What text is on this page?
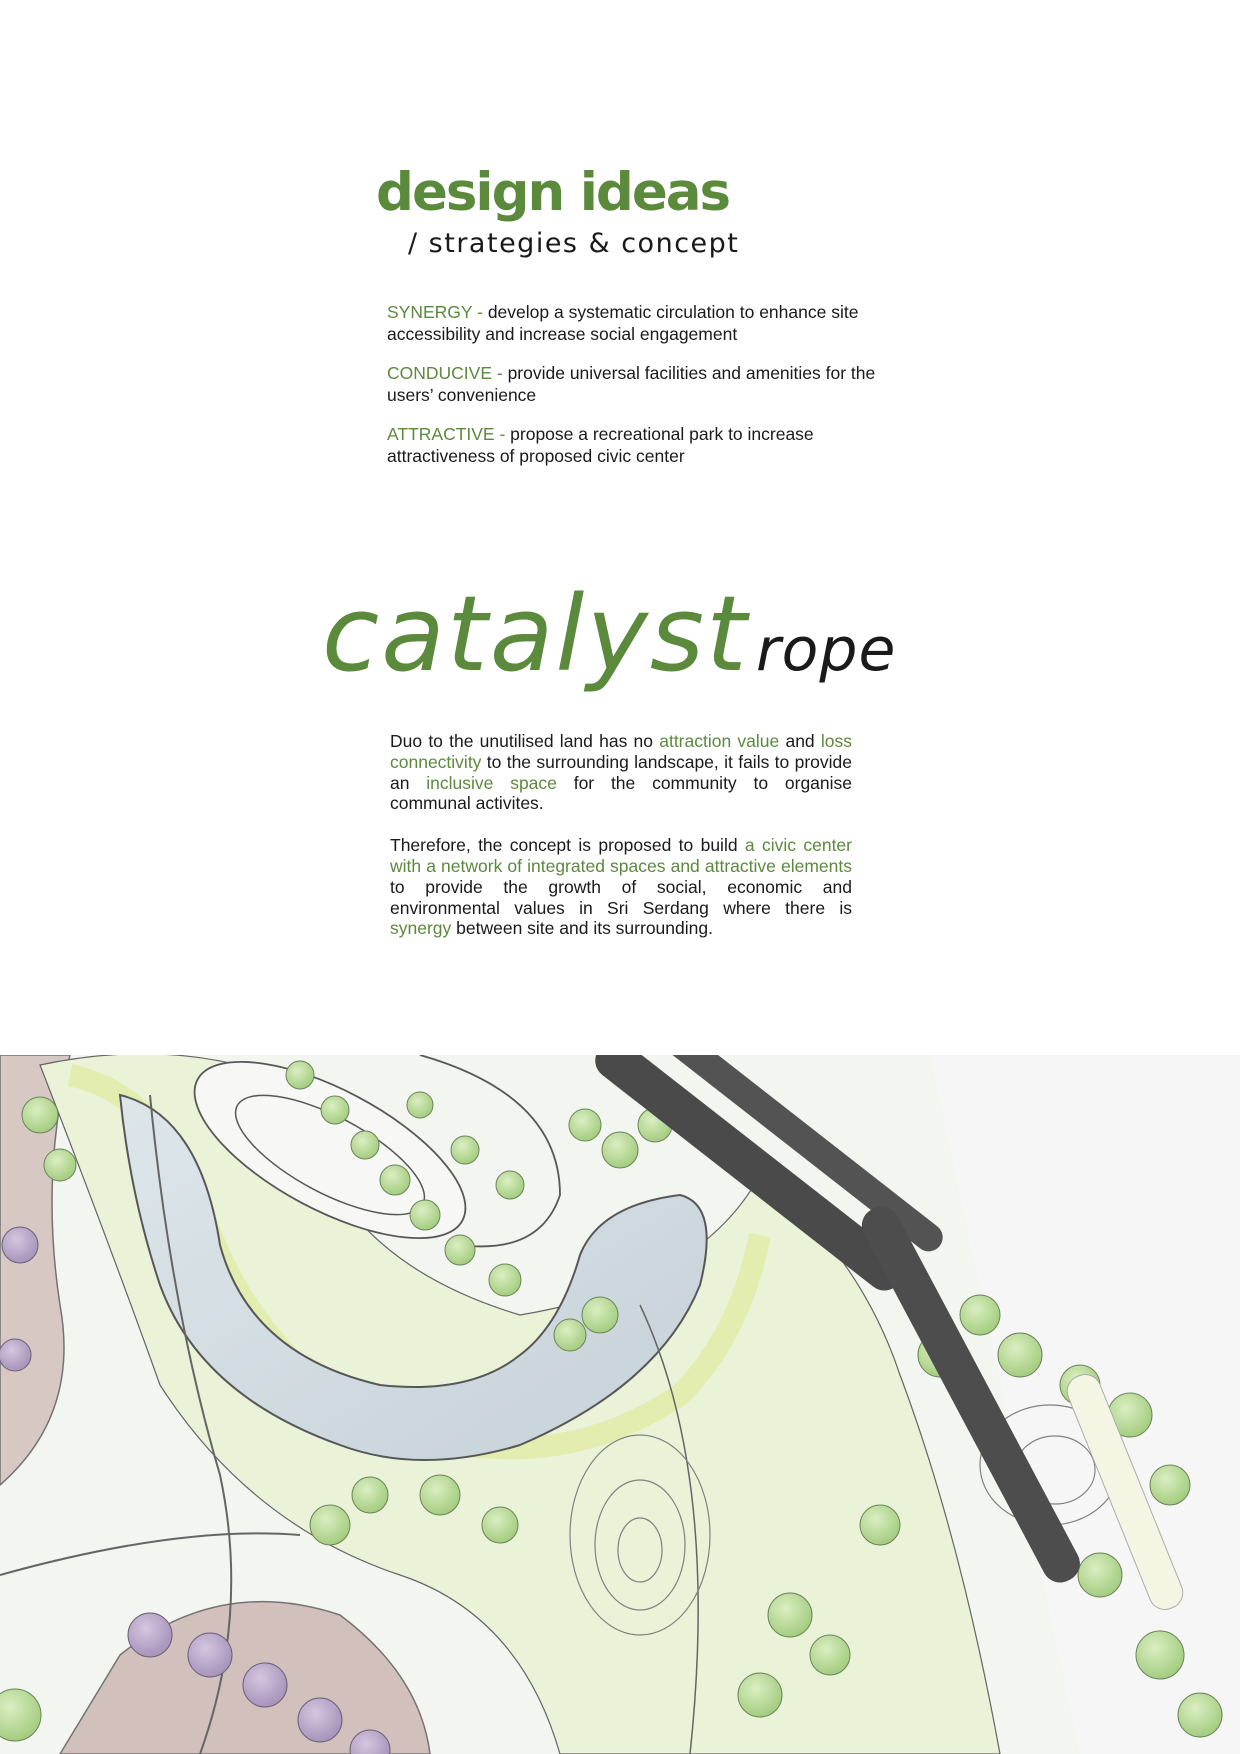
design ideas
/ strategies & concept

SYNERGY - develop a systematic circulation to enhance site accessibility and increase social engagement

CONDUCIVE - provide universal facilities and amenities for the users’ convenience

ATTRACTIVE - propose a recreational park to increase attractiveness of proposed civic center

catalyst rope

Duo to the unutilised land has no attraction value and loss connectivity to the surrounding landscape, it fails to provide an inclusive space for the community to organise communal activites.

Therefore, the concept is proposed to build a civic center with a network of integrated spaces and attractive elements to provide the growth of social, economic and environmental values in Sri Serdang where there is synergy between site and its surrounding.
